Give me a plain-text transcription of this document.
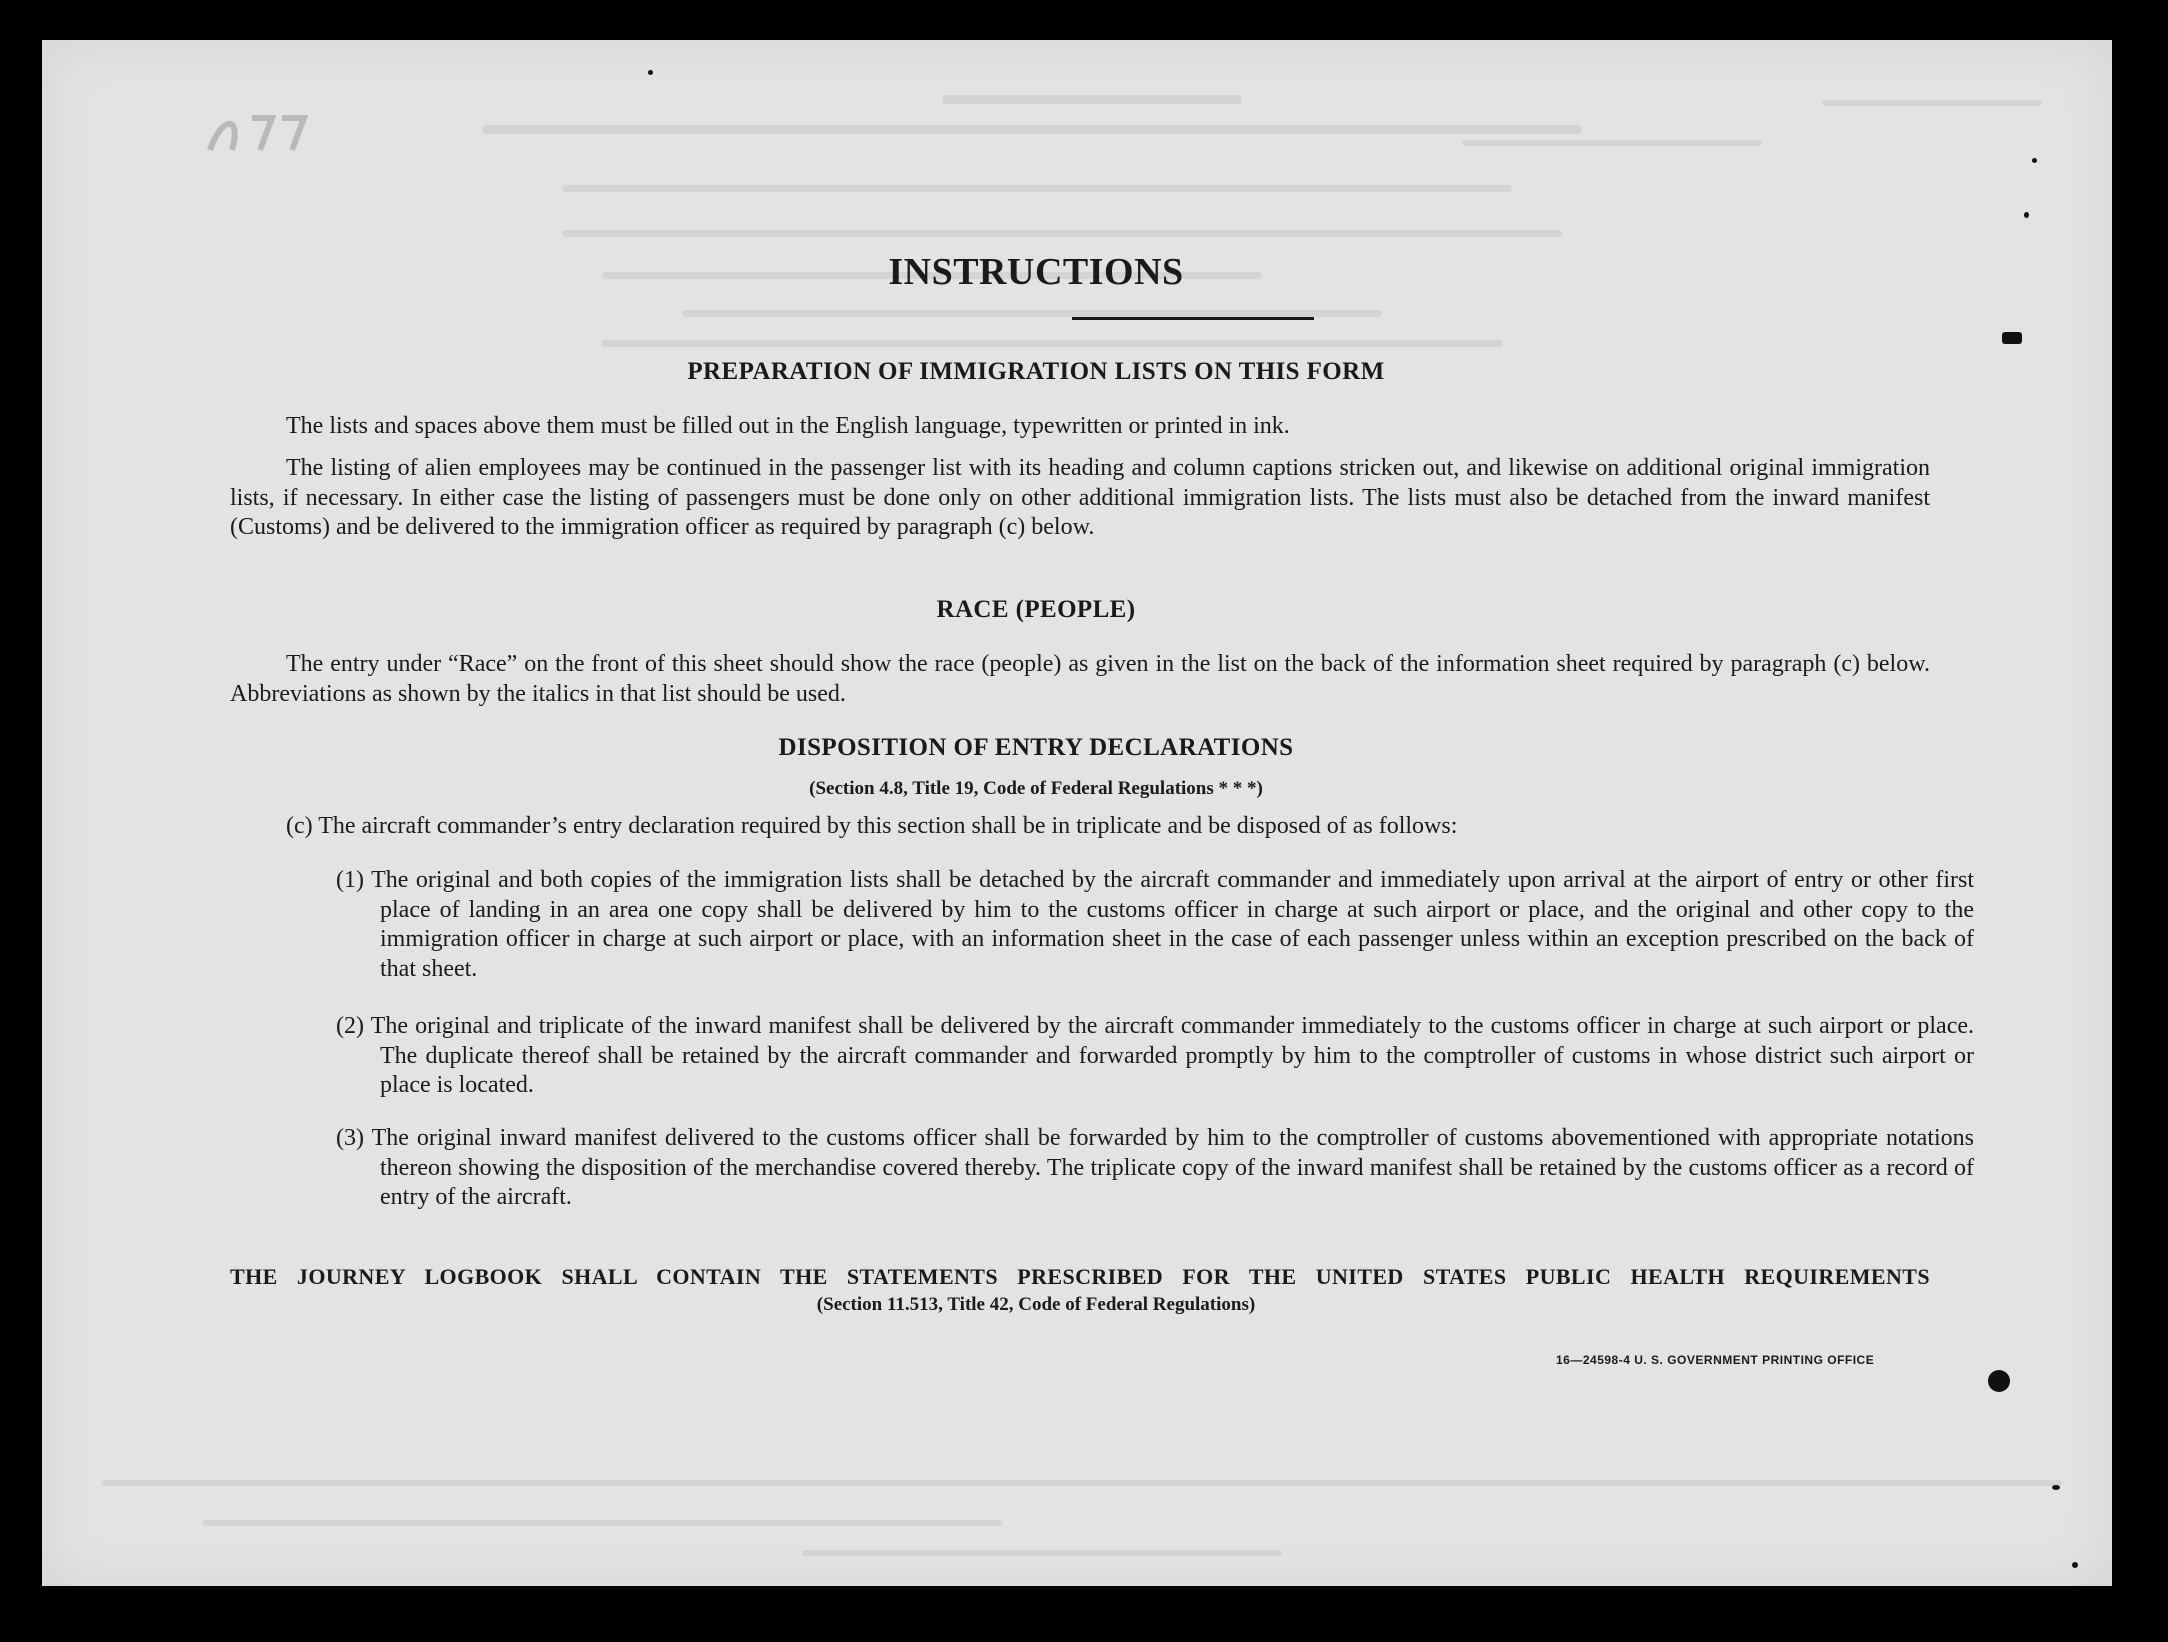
INSTRUCTIONS
PREPARATION OF IMMIGRATION LISTS ON THIS FORM

The lists and spaces above them must be filled out in the English language, typewritten or printed in ink.

The listing of alien employees may be continued in the passenger list with its heading and column captions stricken out, and likewise on additional original immigration lists, if necessary. In either case the listing of passengers must be done only on other additional immigration lists. The lists must also be detached from the inward manifest (Customs) and be delivered to the immigration officer as required by paragraph (c) below.

RACE (PEOPLE)

The entry under “Race” on the front of this sheet should show the race (people) as given in the list on the back of the information sheet required by paragraph (c) below. Abbreviations as shown by the italics in that list should be used.

DISPOSITION OF ENTRY DECLARATIONS

(Section 4.8, Title 19, Code of Federal Regulations * * *)

(c) The aircraft commander’s entry declaration required by this section shall be in triplicate and be disposed of as follows:

(1) The original and both copies of the immigration lists shall be detached by the aircraft commander and immediately upon arrival at the airport of entry or other first place of landing in an area one copy shall be delivered by him to the customs officer in charge at such airport or place, and the original and other copy to the immigration officer in charge at such airport or place, with an information sheet in the case of each passenger unless within an exception prescribed on the back of that sheet.

(2) The original and triplicate of the inward manifest shall be delivered by the aircraft commander immediately to the customs officer in charge at such airport or place. The duplicate thereof shall be retained by the aircraft commander and forwarded promptly by him to the comptroller of customs in whose district such airport or place is located.

(3) The original inward manifest delivered to the customs officer shall be forwarded by him to the comptroller of customs abovementioned with appropriate notations thereon showing the disposition of the merchandise covered thereby. The triplicate copy of the inward manifest shall be retained by the customs officer as a record of entry of the aircraft.

THE JOURNEY LOGBOOK SHALL CONTAIN THE STATEMENTS PRESCRIBED FOR THE UNITED STATES PUBLIC HEALTH REQUIREMENTS

(Section 11.513, Title 42, Code of Federal Regulations)

16—24598‑4 U. S. GOVERNMENT PRINTING OFFICE
